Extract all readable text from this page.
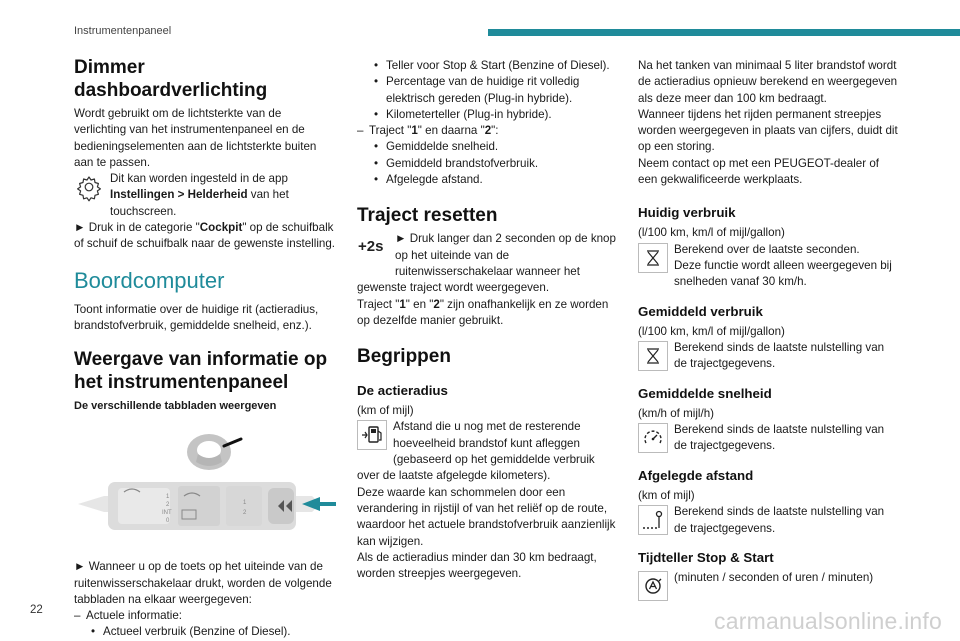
Instrumentenpaneel
Dimmer dashboardverlichting

Wordt gebruikt om de lichtsterkte van de verlichting van het instrumentenpaneel en de bedieningselementen aan de lichtsterkte buiten aan te passen.

Dit kan worden ingesteld in de app Instellingen > Helderheid van het touchscreen.

► Druk in de categorie "Cockpit" op de schuifbalk of schuif de schuifbalk naar de gewenste instelling.

Boordcomputer

Toont informatie over de huidige rit (actieradius, brandstofverbruik, gemiddelde snelheid, enz.).

Weergave van informatie op het instrumentenpaneel
De verschillende tabbladen weergeven
1
2
INT
0
1
2

► Wanneer u op de toets op het uiteinde van de ruitenwisserschakelaar drukt, worden de volgende tabbladen na elkaar weergegeven:

– Actuele informatie:
• Actueel verbruik (Benzine of Diesel).
• Teller voor Stop & Start (Benzine of Diesel).
• Percentage van de huidige rit volledig elektrisch gereden (Plug-in hybride).
• Kilometerteller (Plug-in hybride).
– Traject "1" en daarna "2":
• Gemiddelde snelheid.
• Gemiddeld brandstofverbruik.
• Afgelegde afstand.
Traject resetten
+2s ► Druk langer dan 2 seconden op de knop op het uiteinde van de ruitenwisserschakelaar wanneer het gewenste traject wordt weergegeven.

Traject "1" en "2" zijn onafhankelijk en ze worden op dezelfde manier gebruikt.

Begrippen
De actieradius

(km of mijl)

Afstand die u nog met de resterende hoeveelheid brandstof kunt afleggen (gebaseerd op het gemiddelde verbruik over de laatste afgelegde kilometers).

Deze waarde kan schommelen door een verandering in rijstijl of van het reliëf op de route, waardoor het actuele brandstofverbruik aanzienlijk kan wijzigen.

Als de actieradius minder dan 30 km bedraagt, worden streepjes weergegeven.

Na het tanken van minimaal 5 liter brandstof wordt de actieradius opnieuw berekend en weergegeven als deze meer dan 100 km bedraagt.

Wanneer tijdens het rijden permanent streepjes worden weergegeven in plaats van cijfers, duidt dit op een storing.

Neem contact op met een PEUGEOT-dealer of een gekwalificeerde werkplaats.

Huidig verbruik

(l/100 km, km/l of mijl/gallon)

Berekend over de laatste seconden.
Deze functie wordt alleen weergegeven bij snelheden vanaf 30 km/h.

Gemiddeld verbruik

(l/100 km, km/l of mijl/gallon)

Berekend sinds de laatste nulstelling van de trajectgegevens.

Gemiddelde snelheid

(km/h of mijl/h)

Berekend sinds de laatste nulstelling van de trajectgegevens.

Afgelegde afstand

(km of mijl)

Berekend sinds de laatste nulstelling van de trajectgegevens.

Tijdteller Stop & Start

(minuten / seconden of uren / minuten)

22	carmanualsonline.info
